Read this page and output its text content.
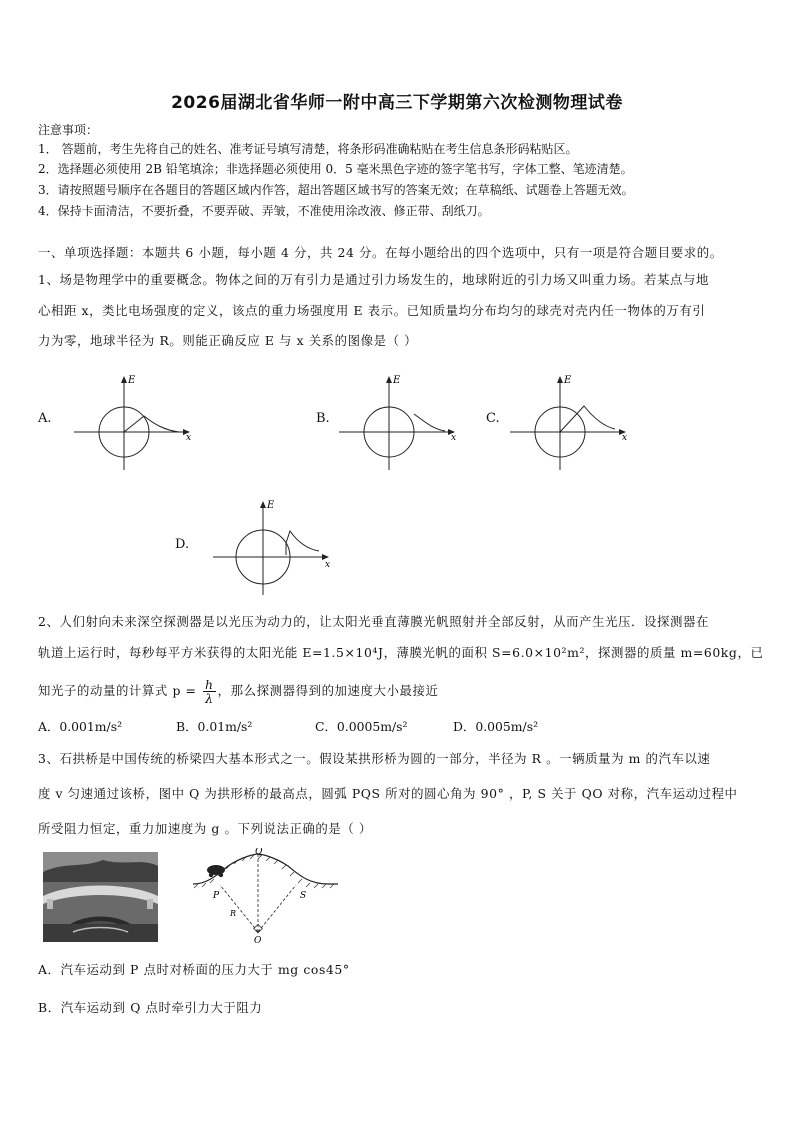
2026届湖北省华师一附中高三下学期第六次检测物理试卷
注意事项：
1． 答题前，考生先将自己的姓名、准考证号填写清楚，将条形码准确粘贴在考生信息条形码粘贴区。
2．选择题必须使用 2B 铅笔填涂；非选择题必须使用 0．5 毫米黑色字迹的签字笔书写，字体工整、笔迹清楚。
3．请按照题号顺序在各题目的答题区域内作答，超出答题区域书写的答案无效；在草稿纸、试题卷上答题无效。
4．保持卡面清洁，不要折叠，不要弄破、弄皱，不准使用涂改液、修正带、刮纸刀。
一、单项选择题：本题共 6 小题，每小题 4 分，共 24 分。在每小题给出的四个选项中，只有一项是符合题目要求的。
1、场是物理学中的重要概念。物体之间的万有引力是通过引力场发生的，地球附近的引力场又叫重力场。若某点与地
心相距 x，类比电场强度的定义，该点的重力场强度用 E 表示。已知质量均分布均匀的球壳对壳内任一物体的万有引
力为零，地球半径为 R。则能正确反应 E 与 x 关系的图像是（ ）
A.
x
E
B.
x
E
C.
x
E
D.
x
E
2、人们射向未来深空探测器是以光压为动力的，让太阳光垂直薄膜光帆照射并全部反射，从而产生光压．设探测器在
轨道上运行时，每秒每平方米获得的太阳光能 E=1.5×10⁴J，薄膜光帆的面积 S=6.0×10²m²，探测器的质量 m=60kg，已
知光子的动量的计算式 $p = \frac{h}{\lambda}$ ，那么探测器得到的加速度大小最接近
A．0.001m/s²	B．0.01m/s²	C．0.0005m/s²	D．0.005m/s²
3、石拱桥是中国传统的桥梁四大基本形式之一。假设某拱形桥为圆的一部分，半径为 R 。一辆质量为 m 的汽车以速
度 v 匀速通过该桥，图中 Q 为拱形桥的最高点，圆弧 PQS 所对的圆心角为 90° ，P, S 关于 QO 对称，汽车运动过程中
所受阻力恒定，重力加速度为 g 。下列说法正确的是（ ）
Q
P	S
R
O
A．汽车运动到 P 点时对桥面的压力大于 mg cos45°
B．汽车运动到 Q 点时牵引力大于阻力
